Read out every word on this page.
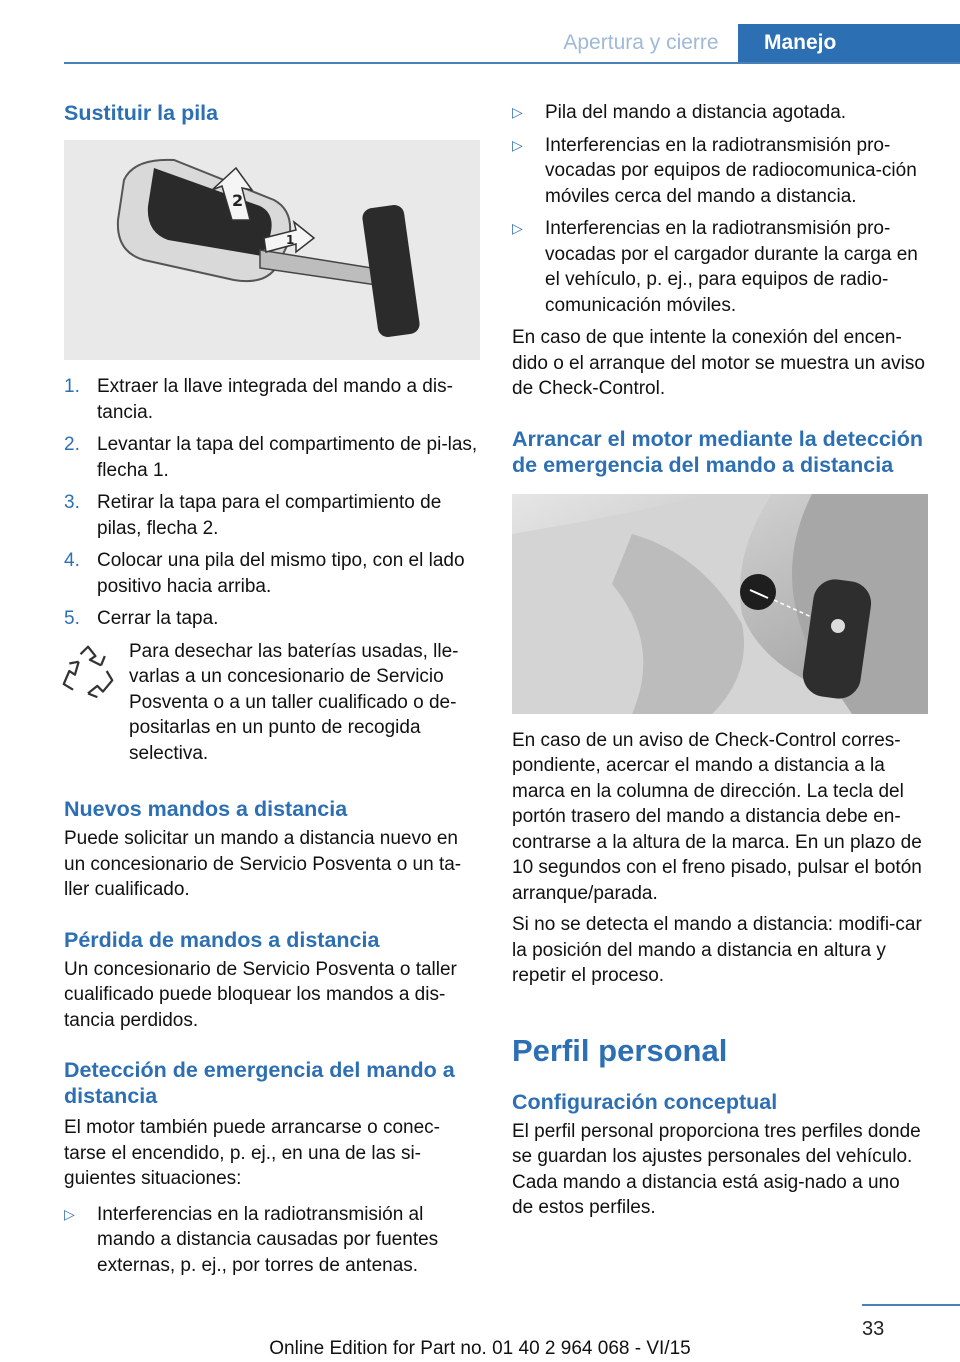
Apertura y cierre	Manejo
Sustituir la pila
2
1
1. Extraer la llave integrada del mando a dis‐tancia.
2. Levantar la tapa del compartimento de pi‐las, flecha 1.
3. Retirar la tapa para el compartimiento de pilas, flecha 2.
4. Colocar una pila del mismo tipo, con el lado positivo hacia arriba.
5. Cerrar la tapa.

Para desechar las baterías usadas, lle‐varlas a un concesionario de Servicio Posventa o a un taller cualificado o de‐positarlas en un punto de recogida selectiva.

Nuevos mandos a distancia

Puede solicitar un mando a distancia nuevo en un concesionario de Servicio Posventa o un ta‐ller cualificado.

Pérdida de mandos a distancia

Un concesionario de Servicio Posventa o taller cualificado puede bloquear los mandos a dis‐tancia perdidos.

Detección de emergencia del mando a distancia

El motor también puede arrancarse o conec‐tarse el encendido, p. ej., en una de las si‐guientes situaciones:

▷	Interferencias en la radiotransmisión al mando a distancia causadas por fuentes externas, p. ej., por torres de antenas.
▷	Pila del mando a distancia agotada.
▷	Interferencias en la radiotransmisión pro‐vocadas por equipos de radiocomunica‐ción móviles cerca del mando a distancia.
▷	Interferencias en la radiotransmisión pro‐vocadas por el cargador durante la carga en el vehículo, p. ej., para equipos de radio‐comunicación móviles.

En caso de que intente la conexión del encen‐dido o el arranque del motor se muestra un aviso de Check-Control.

Arrancar el motor mediante la detección de emergencia del mando a distancia

En caso de un aviso de Check-Control corres‐pondiente, acercar el mando a distancia a la marca en la columna de dirección. La tecla del portón trasero del mando a distancia debe en‐contrarse a la altura de la marca. En un plazo de 10 segundos con el freno pisado, pulsar el botón arranque/parada.

Si no se detecta el mando a distancia: modifi‐car la posición del mando a distancia en altura y repetir el proceso.

Perfil personal
Configuración conceptual

El perfil personal proporciona tres perfiles donde se guardan los ajustes personales del vehículo. Cada mando a distancia está asig‐nado a uno de estos perfiles.

33
Online Edition for Part no. 01 40 2 964 068 - VI/15
